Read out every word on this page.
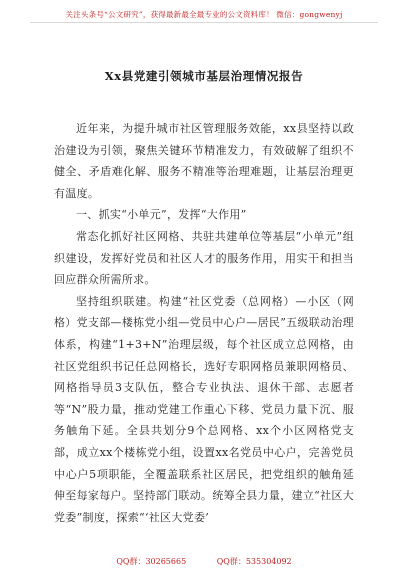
关注头条号“公文研究”，获得最新最全最专业的公文资料库！ 微信：gongwenyj
Xx县党建引领城市基层治理情况报告

近年来，为提升城市社区管理服务效能，xx县坚持以政治建设为引领，聚焦关键环节精准发力，有效破解了组织不健全、矛盾难化解、服务不精准等治理难题，让基层治理更有温度。

一、抓实“小单元”，发挥“大作用”

常态化抓好社区网格、共驻共建单位等基层“小单元”组织建设，发挥好党员和社区人才的服务作用，用实干和担当回应群众所需所求。

坚持组织联建。构建“社区党委（总网格）—小区（网格）党支部—楼栋党小组—党员中心户—居民”五级联动治理体系，构建“1+3+N”治理层级，每个社区成立总网格，由社区党组织书记任总网格长，选好专职网格员兼职网格员、网格指导员3支队伍，整合专业执法、退休干部、志愿者等“N”股力量，推动党建工作重心下移、党员力量下沉、服务触角下延。全县共划分9个总网格、xx个小区网格党支部，成立xx个楼栋党小组，设置xx名党员中心户，完善党员中心户5项职能，全覆盖联系社区居民，把党组织的触角延伸至每家每户。坚持部门联动。统筹全县力量，建立“社区大党委”制度，探索“‘社区大党委’

QQ群：30265665	QQ群：535304092
